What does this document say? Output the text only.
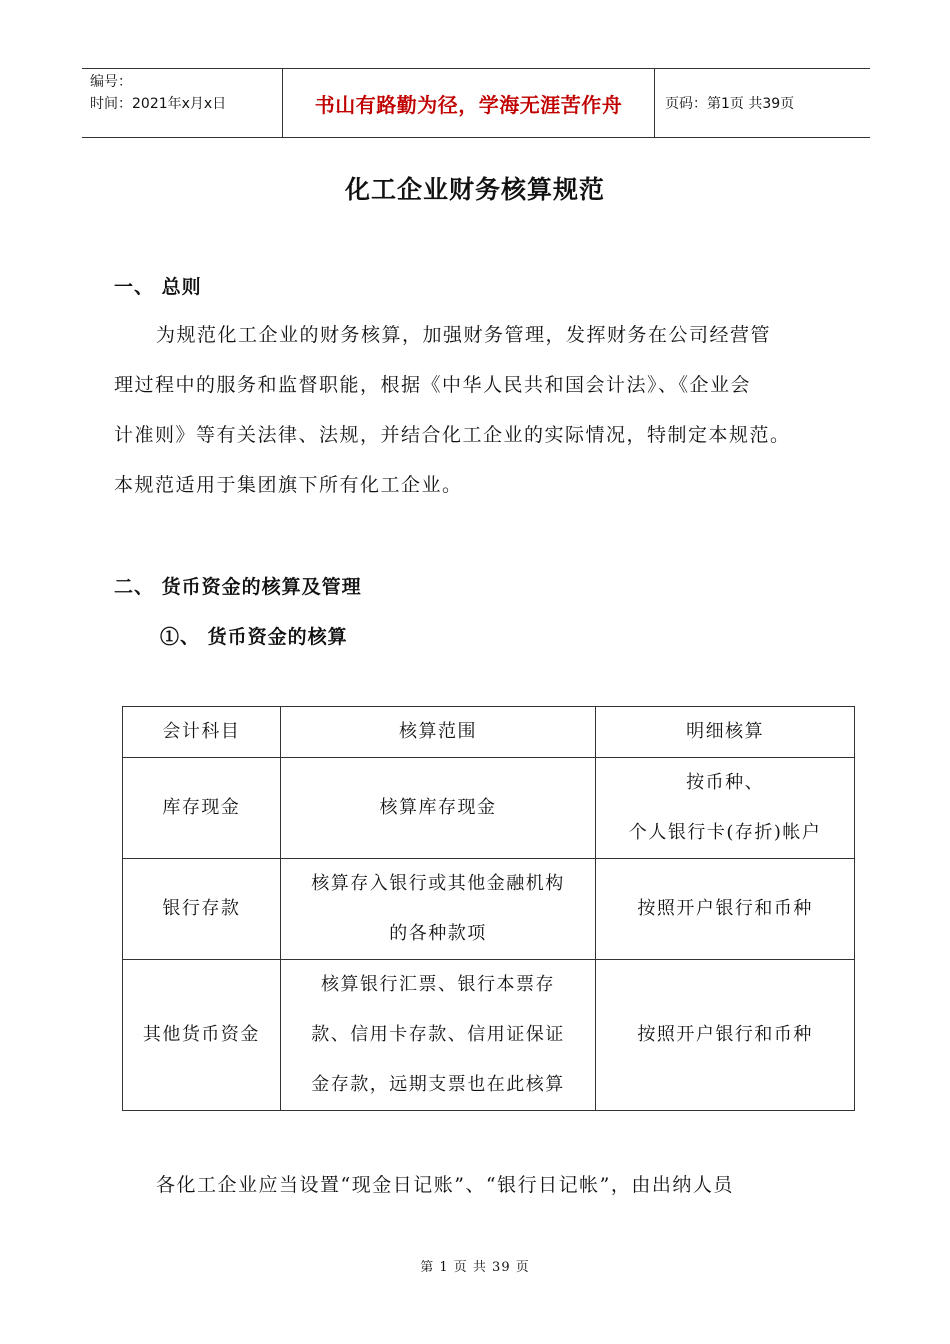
编号：
时间：2021年x月x日	书山有路勤为径，学海无涯苦作舟	页码：第1页 共39页
化工企业财务核算规范
一、 总则

为规范化工企业的财务核算，加强财务管理，发挥财务在公司经营管

理过程中的服务和监督职能，根据《中华人民共和国会计法》、《企业会

计准则》等有关法律、法规，并结合化工企业的实际情况，特制定本规范。

本规范适用于集团旗下所有化工企业。

二、 货币资金的核算及管理
①、 货币资金的核算
会计科目	核算范围	明细核算
库存现金	核算库存现金	按币种、
个人银行卡(存折)帐户

银行存款	核算存入银行或其他金融机构
的各种款项	按照开户银行和币种

其他货币资金	核算银行汇票、银行本票存
款、信用卡存款、信用证保证
金存款，远期支票也在此核算	按照开户银行和币种

各化工企业应当设置“现金日记账”、“银行日记帐”，由出纳人员

第 1 页 共 39 页
